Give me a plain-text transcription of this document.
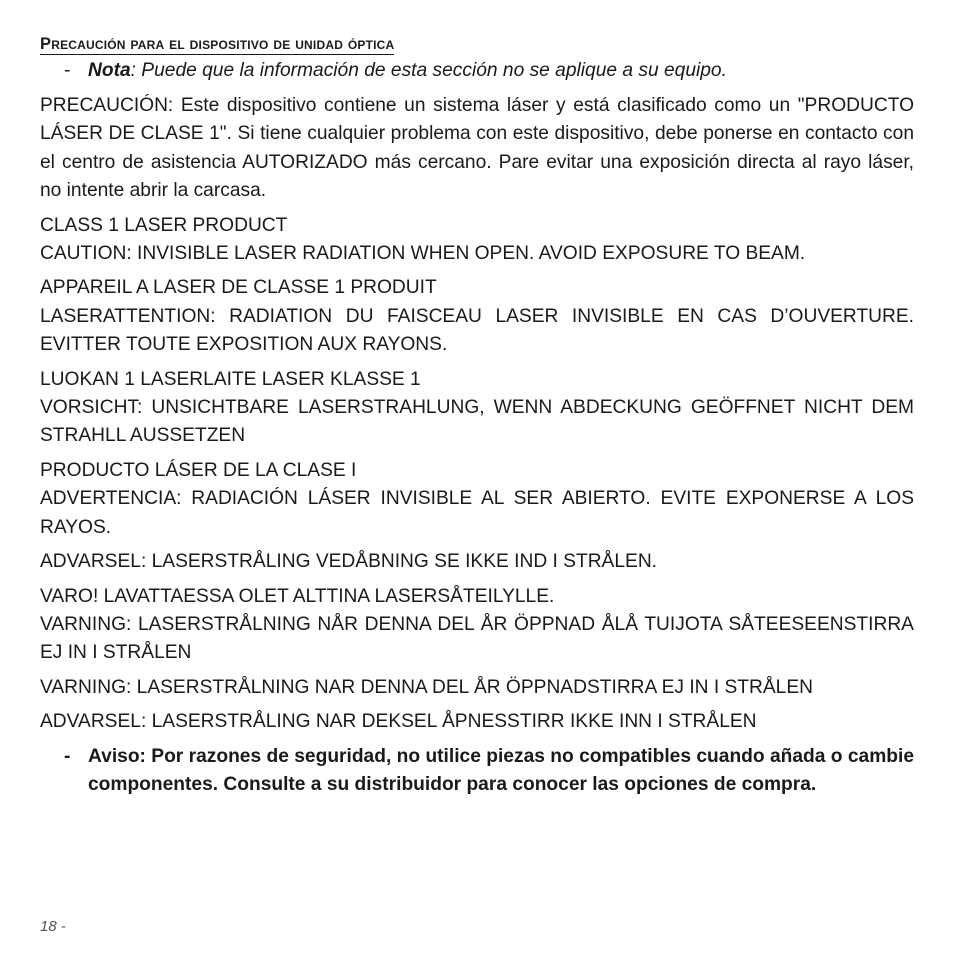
Precaución para el dispositivo de unidad óptica
- Nota: Puede que la información de esta sección no se aplique a su equipo.

PRECAUCIÓN: Este dispositivo contiene un sistema láser y está clasificado como un "PRODUCTO LÁSER DE CLASE 1". Si tiene cualquier problema con este dispositivo, debe ponerse en contacto con el centro de asistencia AUTORIZADO más cercano. Pare evitar una exposición directa al rayo láser, no intente abrir la carcasa.

CLASS 1 LASER PRODUCT

CAUTION: INVISIBLE LASER RADIATION WHEN OPEN. AVOID EXPOSURE TO BEAM.

APPAREIL A LASER DE CLASSE 1 PRODUIT

LASERATTENTION: RADIATION DU FAISCEAU LASER INVISIBLE EN CAS D’OUVERTURE. EVITTER TOUTE EXPOSITION AUX RAYONS.

LUOKAN 1 LASERLAITE LASER KLASSE 1

VORSICHT: UNSICHTBARE LASERSTRAHLUNG, WENN ABDECKUNG GEÖFFNET NICHT DEM STRAHLL AUSSETZEN

PRODUCTO LÁSER DE LA CLASE I

ADVERTENCIA: RADIACIÓN LÁSER INVISIBLE AL SER ABIERTO. EVITE EXPONERSE A LOS RAYOS.

ADVARSEL: LASERSTRÅLING VEDÅBNING SE IKKE IND I STRÅLEN.

VARO! LAVATTAESSA OLET ALTTINA LASERSÅTEILYLLE.

VARNING: LASERSTRÅLNING NÅR DENNA DEL ÅR ÖPPNAD ÅLÅ TUIJOTA SÅTEESEENSTIRRA EJ IN I STRÅLEN

VARNING: LASERSTRÅLNING NAR DENNA DEL ÅR ÖPPNADSTIRRA EJ IN I STRÅLEN

ADVARSEL: LASERSTRÅLING NAR DEKSEL ÅPNESSTIRR IKKE INN I STRÅLEN

- Aviso: Por razones de seguridad, no utilice piezas no compatibles cuando añada o cambie componentes. Consulte a su distribuidor para conocer las opciones de compra.
18 -
